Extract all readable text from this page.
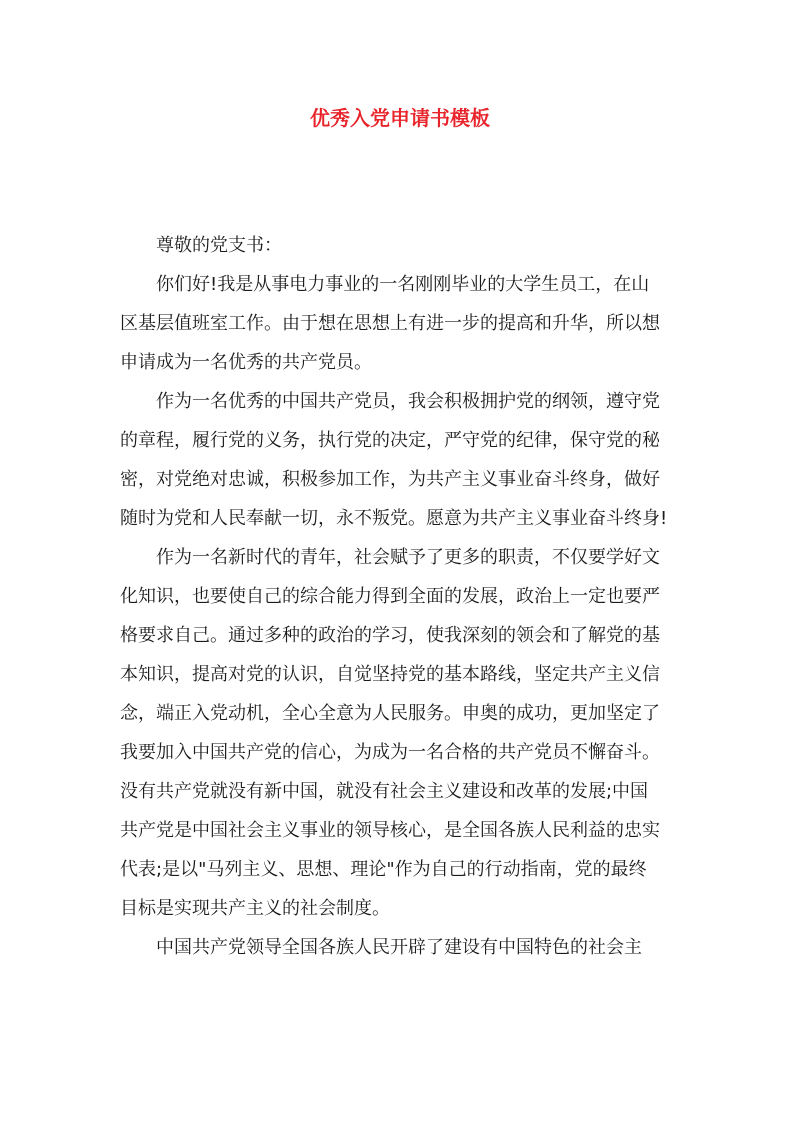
优秀入党申请书模板
尊敬的党支书：
你们好!我是从事电力事业的一名刚刚毕业的大学生员工，在山
区基层值班室工作。由于想在思想上有进一步的提高和升华，所以想
申请成为一名优秀的共产党员。
作为一名优秀的中国共产党员，我会积极拥护党的纲领，遵守党
的章程，履行党的义务，执行党的决定，严守党的纪律，保守党的秘
密，对党绝对忠诚，积极参加工作，为共产主义事业奋斗终身，做好
随时为党和人民奉献一切，永不叛党。愿意为共产主义事业奋斗终身!
作为一名新时代的青年，社会赋予了更多的职责，不仅要学好文
化知识，也要使自己的综合能力得到全面的发展，政治上一定也要严
格要求自己。通过多种的政治的学习，使我深刻的领会和了解党的基
本知识，提高对党的认识，自觉坚持党的基本路线，坚定共产主义信
念，端正入党动机，全心全意为人民服务。申奥的成功，更加坚定了
我要加入中国共产党的信心，为成为一名合格的共产党员不懈奋斗。
没有共产党就没有新中国，就没有社会主义建设和改革的发展;中国
共产党是中国社会主义事业的领导核心，是全国各族人民利益的忠实
代表;是以"马列主义、思想、理论"作为自己的行动指南，党的最终
目标是实现共产主义的社会制度。
中国共产党领导全国各族人民开辟了建设有中国特色的社会主
